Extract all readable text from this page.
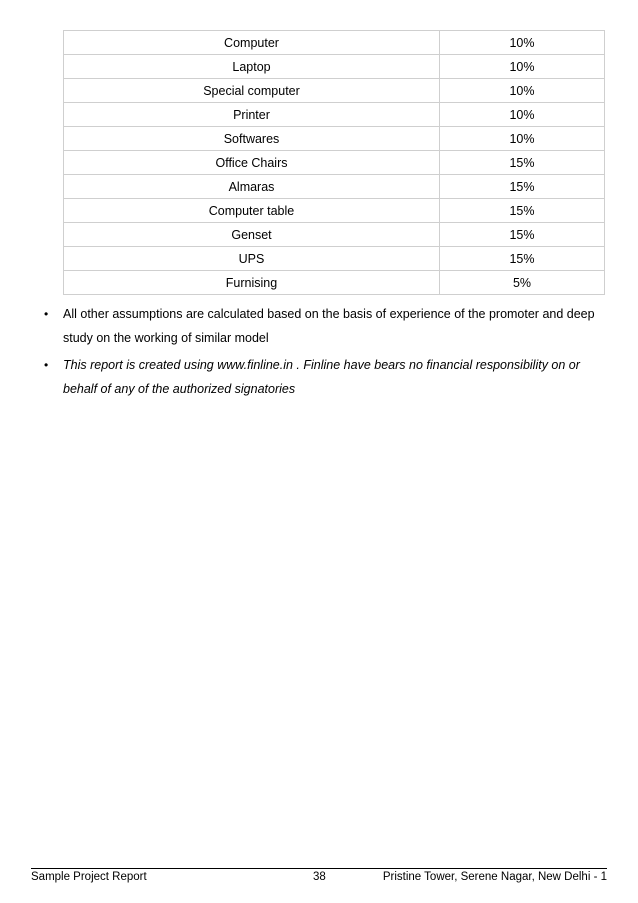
Computer	10%
Laptop	10%
Special computer	10%
Printer	10%
Softwares	10%
Office Chairs	15%
Almaras	15%
Computer table	15%
Genset	15%
UPS	15%
Furnising	5%
• All other assumptions are calculated based on the basis of experience of the promoter and deep study on the working of similar model
• This report is created using www.finline.in . Finline have bears no financial responsibility on or behalf of any of the authorized signatories
Sample Project Report	38	Pristine Tower, Serene Nagar, New Delhi - 1
